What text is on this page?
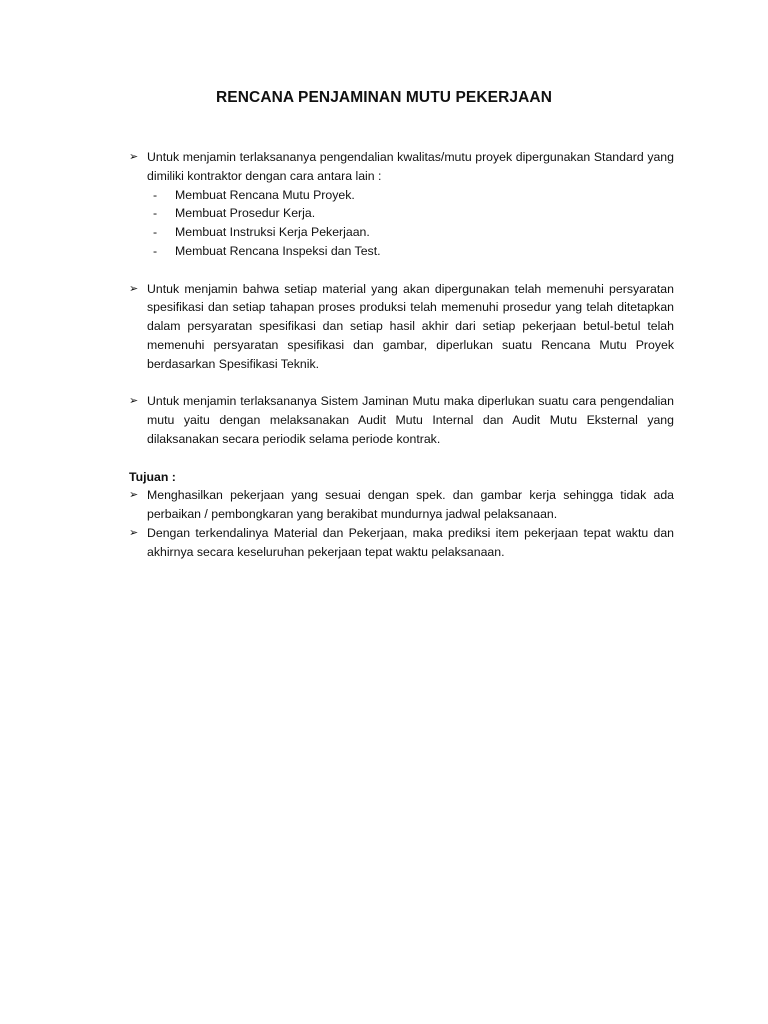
RENCANA PENJAMINAN MUTU PEKERJAAN
➢ Untuk menjamin terlaksananya pengendalian kwalitas/mutu proyek dipergunakan Standard yang dimiliki kontraktor dengan cara antara lain :
- Membuat Rencana Mutu Proyek.
- Membuat Prosedur Kerja.
- Membuat Instruksi Kerja Pekerjaan.
- Membuat Rencana Inspeksi dan Test.
➢ Untuk menjamin bahwa setiap material yang akan dipergunakan telah memenuhi persyaratan spesifikasi dan setiap tahapan proses produksi telah memenuhi prosedur yang telah ditetapkan dalam persyaratan spesifikasi dan setiap hasil akhir dari setiap pekerjaan betul-betul telah memenuhi persyaratan spesifikasi dan gambar, diperlukan suatu Rencana Mutu Proyek berdasarkan Spesifikasi Teknik.
➢ Untuk menjamin terlaksananya Sistem Jaminan Mutu maka diperlukan suatu cara pengendalian mutu yaitu dengan melaksanakan Audit Mutu Internal dan Audit Mutu Eksternal yang dilaksanakan secara periodik selama periode kontrak.
Tujuan :
➢ Menghasilkan pekerjaan yang sesuai dengan spek. dan gambar kerja sehingga tidak ada perbaikan / pembongkaran yang berakibat mundurnya jadwal pelaksanaan.
➢ Dengan terkendalinya Material dan Pekerjaan, maka prediksi item pekerjaan tepat waktu dan akhirnya secara keseluruhan pekerjaan tepat waktu pelaksanaan.
